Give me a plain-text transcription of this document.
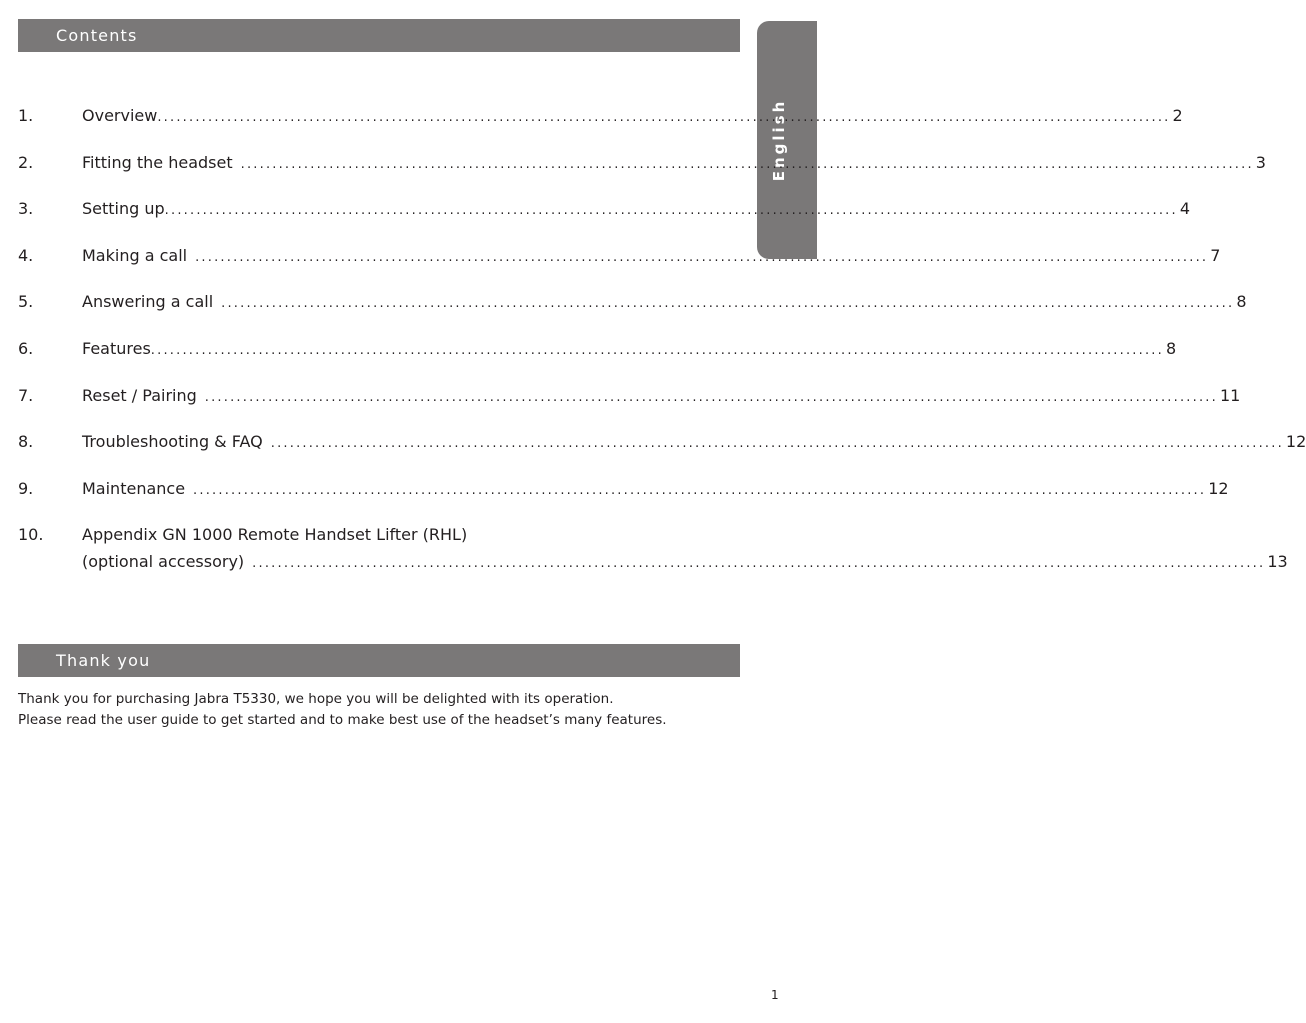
Contents
English
1.	Overview ................................................................................................................................................................ 2
2.	Fitting the headset ................................................................................................................................................................ 3
3.	Setting up ................................................................................................................................................................ 4
4.	Making a call ................................................................................................................................................................ 7
5.	Answering a call ................................................................................................................................................................ 8
6.	Features ................................................................................................................................................................ 8
7.	Reset / Pairing ................................................................................................................................................................ 11
8.	Troubleshooting & FAQ ................................................................................................................................................................ 12
9.	Maintenance ................................................................................................................................................................ 12
10. Appendix GN 1000 Remote Handset Lifter (RHL)
(optional accessory) ................................................................................................................................................................ 13
Thank you

Thank you for purchasing Jabra T5330, we hope you will be delighted with its operation.

Please read the user guide to get started and to make best use of the headset’s many features.

1
